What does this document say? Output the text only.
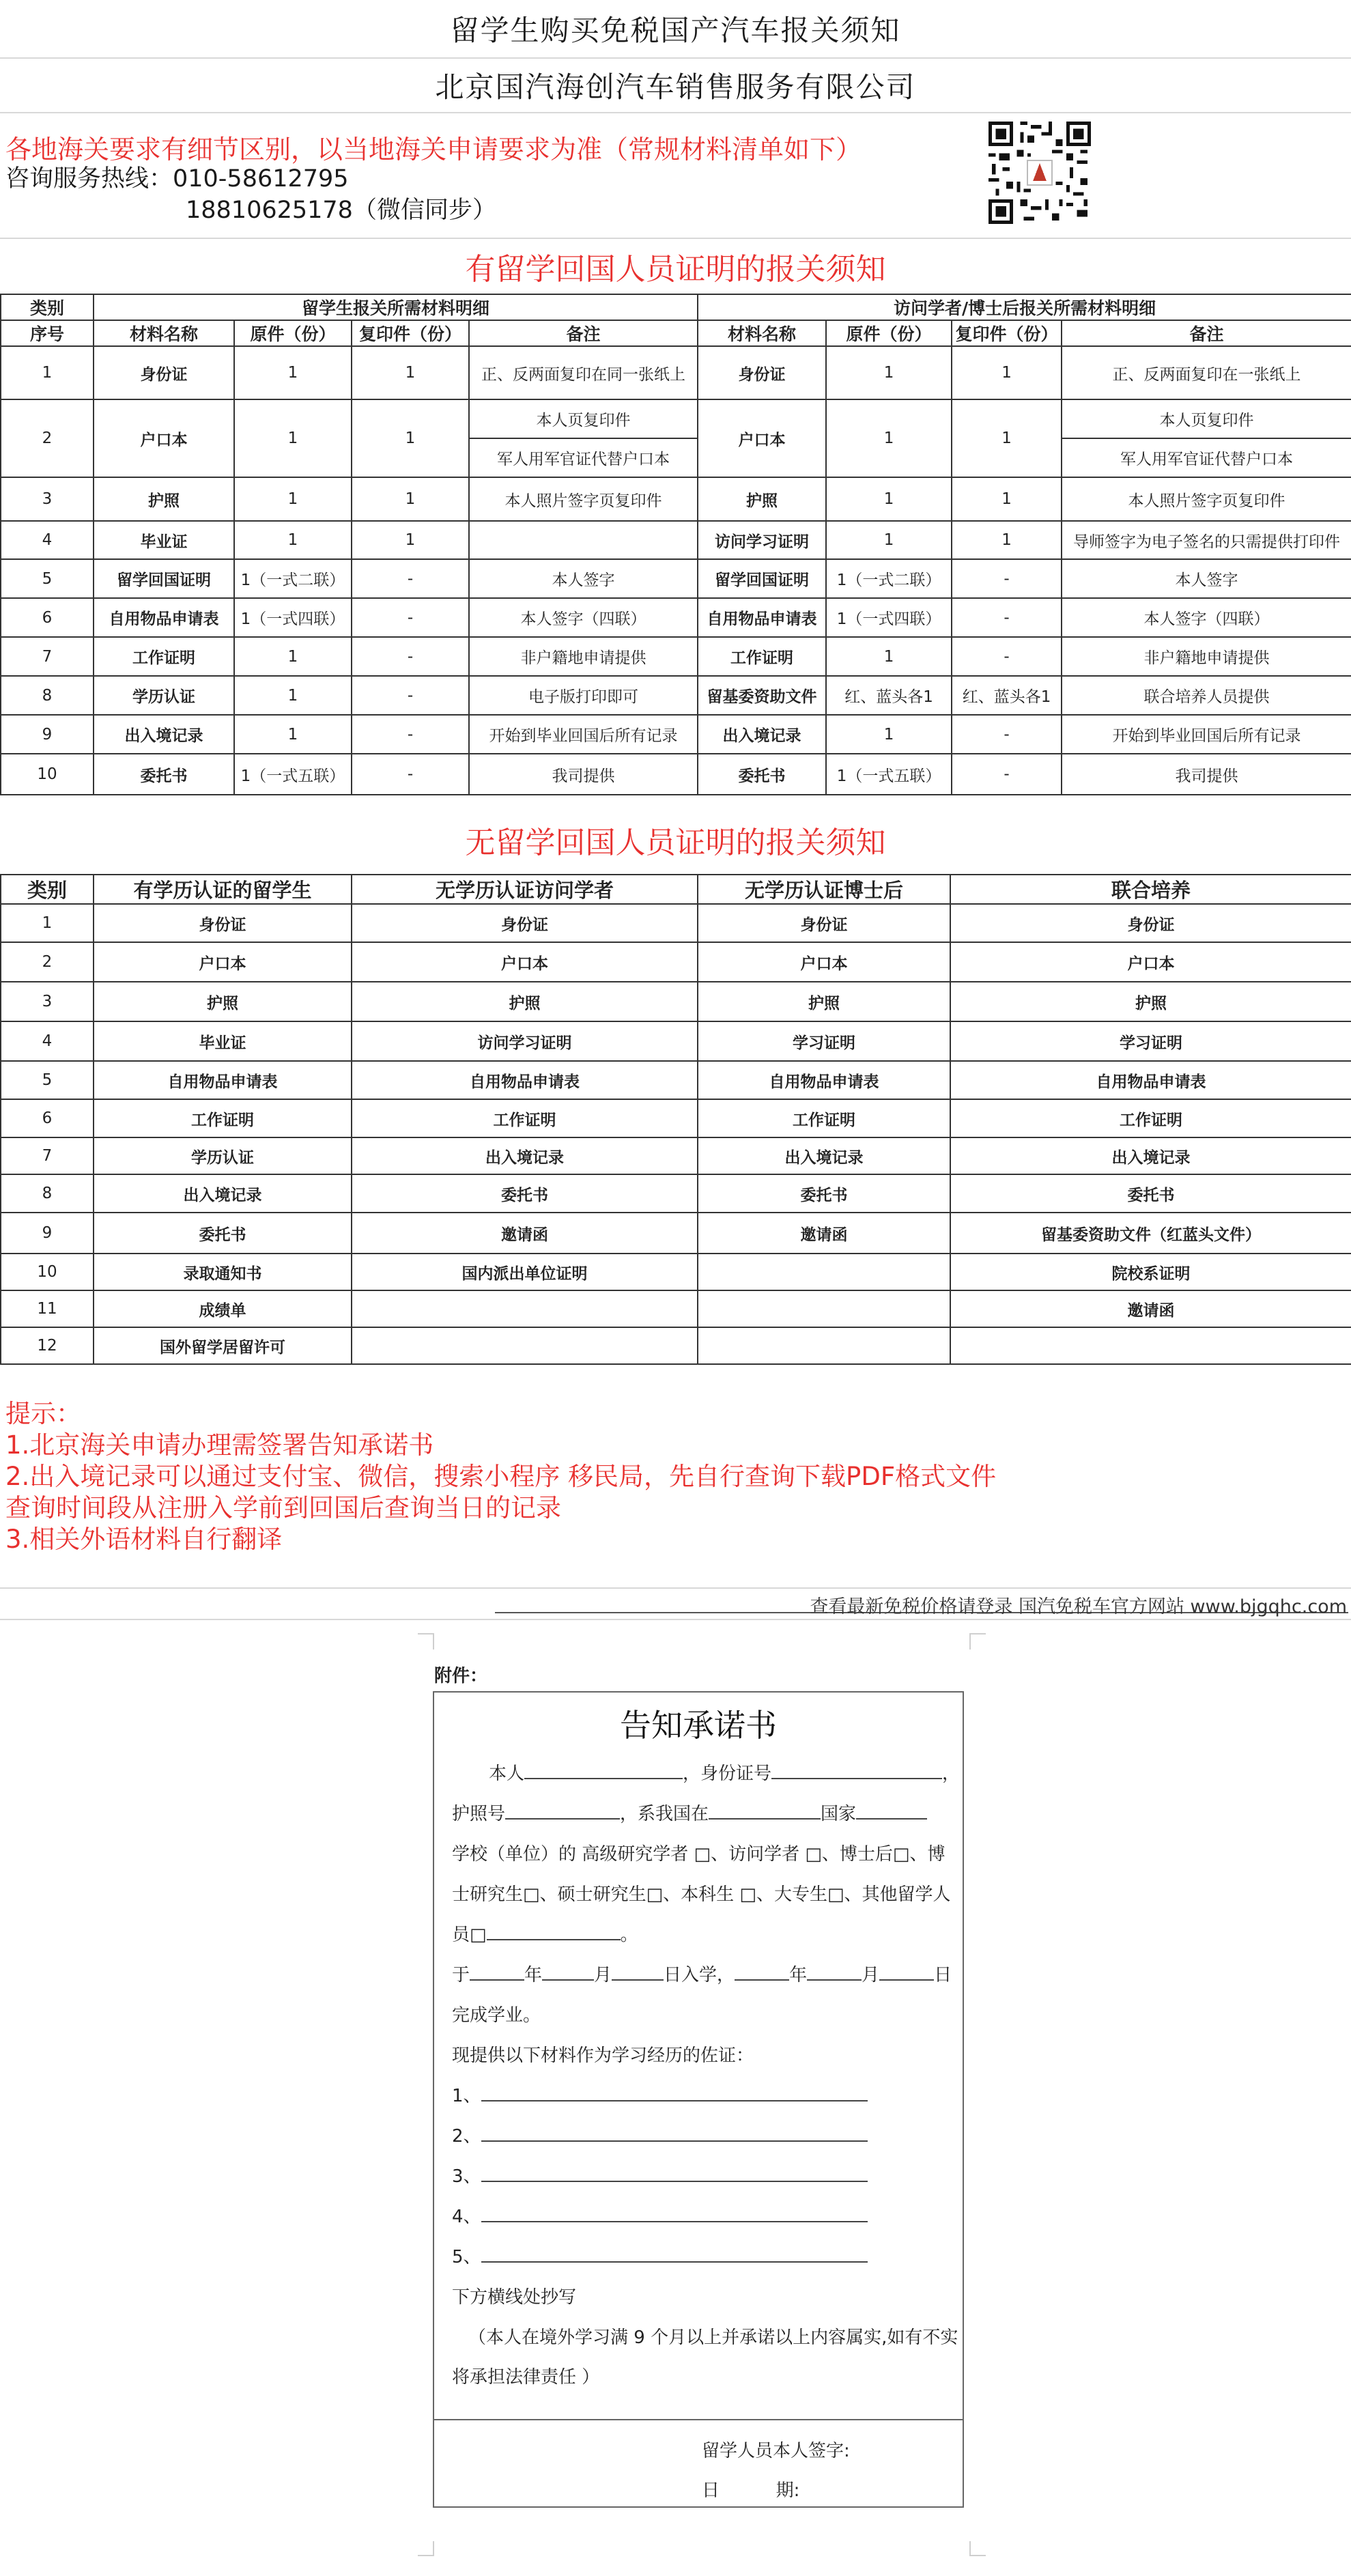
留学生购买免税国产汽车报关须知
北京国汽海创汽车销售服务有限公司
各地海关要求有细节区别，以当地海关申请要求为准（常规材料清单如下）
咨询服务热线：010-58612795
18810625178（微信同步）
有留学回国人员证明的报关须知
类别	留学生报关所需材料明细				访问学者/博士后报关所需材料明细			
序号	材料名称	原件（份）	复印件（份）	备注	材料名称	原件（份）	复印件（份）	备注
1	身份证	1	1	正、反两面复印在同一张纸上	身份证	1	1	正、反两面复印在一张纸上
2	户口本	1	1	本人页复印件	户口本	1	1	本人页复印件
				军人用军官证代替户口本				军人用军官证代替户口本
3	护照	1	1	本人照片签字页复印件	护照	1	1	本人照片签字页复印件
4	毕业证	1	1		访问学习证明	1	1	导师签字为电子签名的只需提供打印件
5	留学回国证明	1（一式二联）	-	本人签字	留学回国证明	1（一式二联）	-	本人签字
6	自用物品申请表	1（一式四联）	-	本人签字（四联）	自用物品申请表	1（一式四联）	-	本人签字（四联）
7	工作证明	1	-	非户籍地申请提供	工作证明	1	-	非户籍地申请提供
8	学历认证	1	-	电子版打印即可	留基委资助文件	红、蓝头各1	红、蓝头各1	联合培养人员提供
9	出入境记录	1	-	开始到毕业回国后所有记录	出入境记录	1	-	开始到毕业回国后所有记录
10	委托书	1（一式五联）	-	我司提供	委托书	1（一式五联）	-	我司提供
无留学回国人员证明的报关须知
类别	有学历认证的留学生	无学历认证访问学者	无学历认证博士后	联合培养
1	身份证	身份证	身份证	身份证
2	户口本	户口本	户口本	户口本
3	护照	护照	护照	护照
4	毕业证	访问学习证明	学习证明	学习证明
5	自用物品申请表	自用物品申请表	自用物品申请表	自用物品申请表
6	工作证明	工作证明	工作证明	工作证明
7	学历认证	出入境记录	出入境记录	出入境记录
8	出入境记录	委托书	委托书	委托书
9	委托书	邀请函	邀请函	留基委资助文件（红蓝头文件）
10	录取通知书	国内派出单位证明		院校系证明
11	成绩单			邀请函
12	国外留学居留许可			
提示：
1.北京海关申请办理需签署告知承诺书
2.出入境记录可以通过支付宝、微信，搜索小程序 移民局，先自行查询下载PDF格式文件
查询时间段从注册入学前到回国后查询当日的记录
3.相关外语材料自行翻译
查看最新免税价格请登录 国汽免税车官方网站 www.bjgqhc.com
附件：
告知承诺书
本人	，身份证号	，
护照号	，系我国在	国家
学校（单位）的 高级研究学者 □、访问学者 □、博士后□、博
士研究生□、硕士研究生□、本科生 □、大专生□、其他留学人
员□	。
于	年	月	日入学，	年	月	日
完成学业。
现提供以下材料作为学习经历的佐证：
1、
2、
3、
4、
5、
下方横线处抄写
（本人在境外学习满 9 个月以上并承诺以上内容属实,如有不实
将承担法律责任 ）
留学人员本人签字:
日          期:
